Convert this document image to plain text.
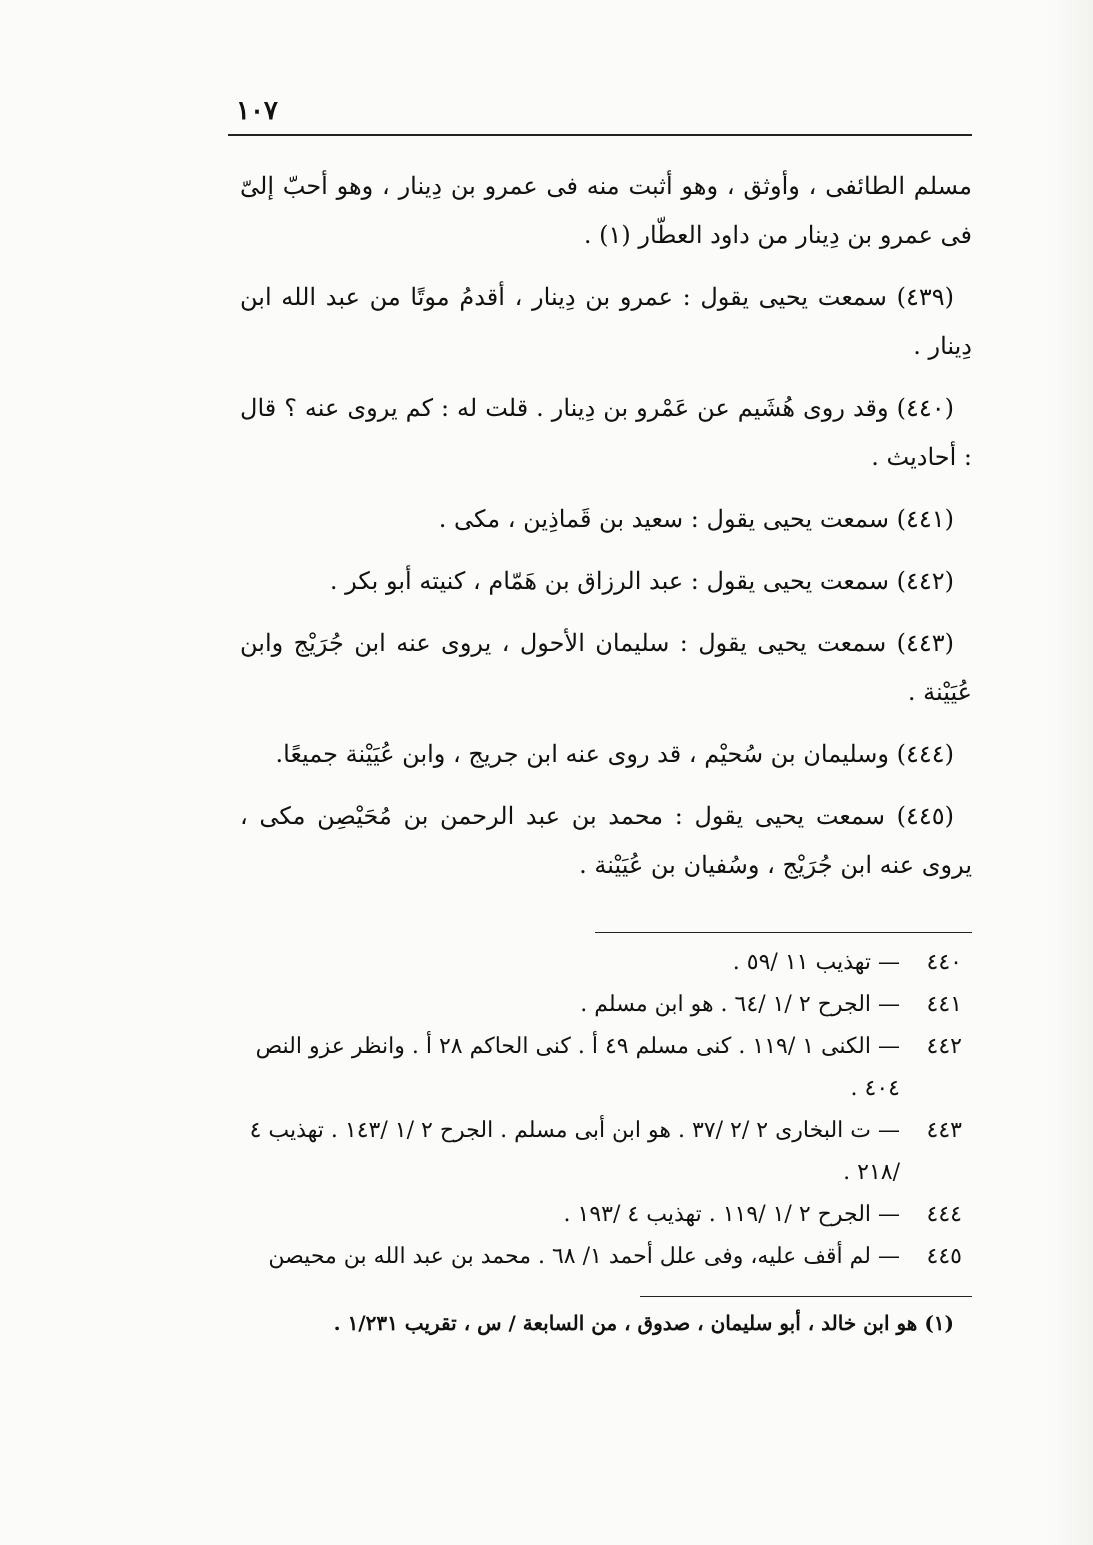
١٠٧

مسلم الطائفى ، وأوثق ، وهو أثبت منه فى عمرو بن دِينار ، وهو أحبّ إلىّ فى عمرو بن دِينار من داود العطّار (١) .

(٤٣٩) سمعت يحيى يقول : عمرو بن دِينار ، أقدمُ موتًا من عبد الله ابن دِينار .

(٤٤٠) وقد روى هُشَيم عن عَمْرو بن دِينار . قلت له : كم يروى عنه ؟ قال : أحاديث .

(٤٤١) سمعت يحيى يقول : سعيد بن قَماذِين ، مكى .

(٤٤٢) سمعت يحيى يقول : عبد الرزاق بن هَمّام ، كنيته أبو بكر .

(٤٤٣) سمعت يحيى يقول : سليمان الأحول ، يروى عنه ابن جُرَيْج وابن عُيَيْنة .

(٤٤٤) وسليمان بن سُحيْم ، قد روى عنه ابن جريج ، وابن عُيَيْنة جميعًا.

(٤٤٥) سمعت يحيى يقول : محمد بن عبد الرحمن بن مُحَيْصِن مكى ، يروى عنه ابن جُرَيْج ، وسُفيان بن عُيَيْنة .

٤٤٠
— تهذيب ١١ /٥٩ .
٤٤١
— الجرح ٢ /١ /٦٤ . هو ابن مسلم .
٤٤٢
— الكنى ١ /١١٩ . كنى مسلم ٤٩ أ . كنى الحاكم ٢٨ أ . وانظر عزو النص ٤٠٤ .
٤٤٣
— ت البخارى ٢ /٢ /٣٧ . هو ابن أبى مسلم . الجرح ٢ /١ /١٤٣ . تهذيب ٤ /٢١٨ .
٤٤٤
— الجرح ٢ /١ /١١٩ . تهذيب ٤ /١٩٣ .
٤٤٥
— لم أقف عليه، وفى علل أحمد ١/ ٦٨ . محمد بن عبد الله بن محيصن

(١) هو ابن خالد ، أبو سليمان ، صدوق ، من السابعة / س ، تقريب ١/٢٣١ .
